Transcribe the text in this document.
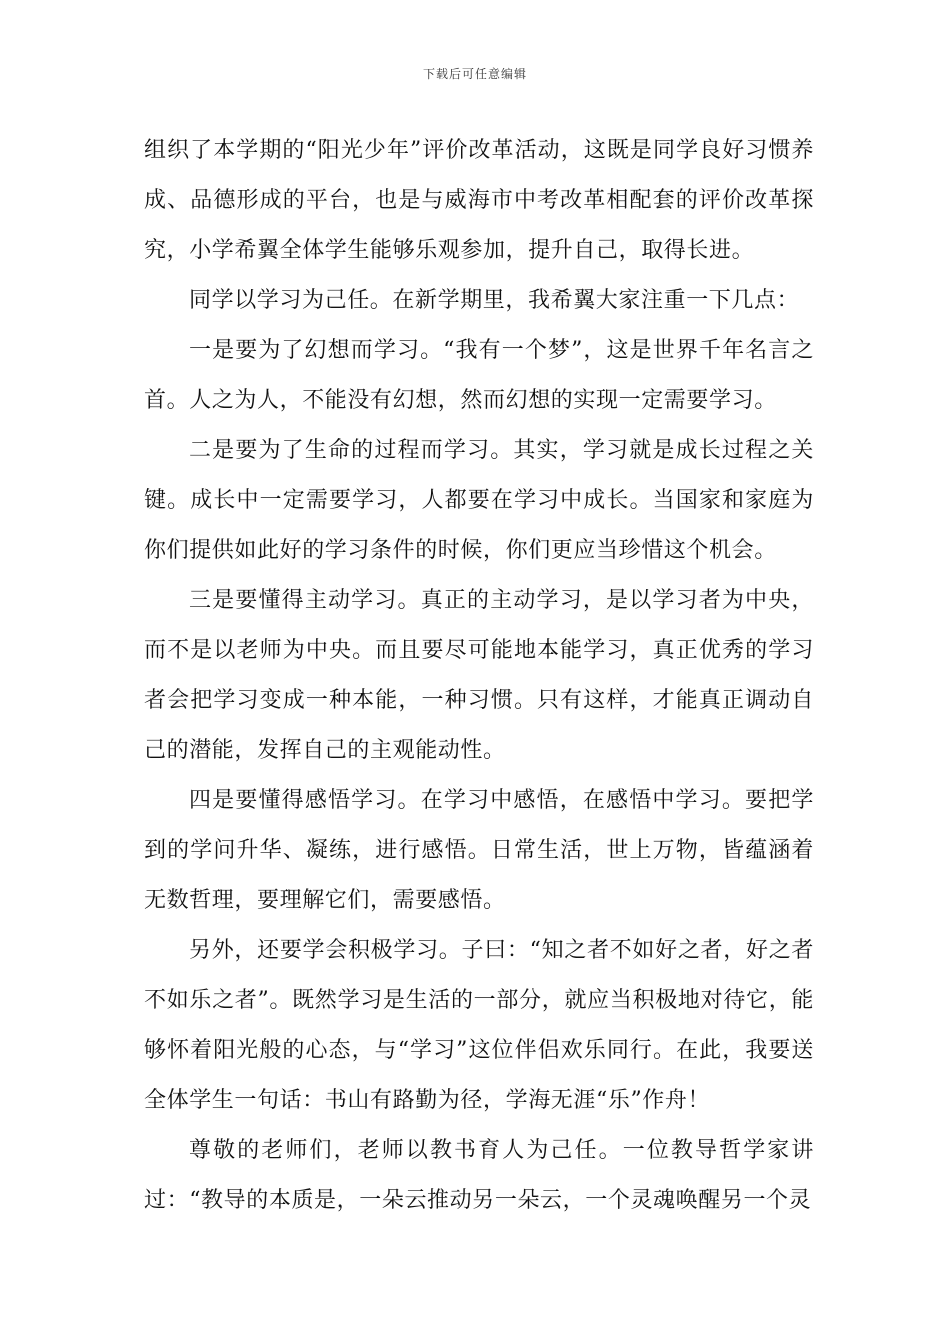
下载后可任意编辑

组织了本学期的“阳光少年”评价改革活动，这既是同学良好习惯养成、品德形成的平台，也是与威海市中考改革相配套的评价改革探究，小学希翼全体学生能够乐观参加，提升自己，取得长进。

同学以学习为己任。在新学期里，我希翼大家注重一下几点：

一是要为了幻想而学习。“我有一个梦”，这是世界千年名言之首。人之为人，不能没有幻想，然而幻想的实现一定需要学习。

二是要为了生命的过程而学习。其实，学习就是成长过程之关键。成长中一定需要学习，人都要在学习中成长。当国家和家庭为你们提供如此好的学习条件的时候，你们更应当珍惜这个机会。

三是要懂得主动学习。真正的主动学习，是以学习者为中央，而不是以老师为中央。而且要尽可能地本能学习，真正优秀的学习者会把学习变成一种本能，一种习惯。只有这样，才能真正调动自己的潜能，发挥自己的主观能动性。

四是要懂得感悟学习。在学习中感悟，在感悟中学习。要把学到的学问升华、凝练，进行感悟。日常生活，世上万物，皆蕴涵着无数哲理，要理解它们，需要感悟。

另外，还要学会积极学习。子曰：“知之者不如好之者，好之者不如乐之者”。既然学习是生活的一部分，就应当积极地对待它，能够怀着阳光般的心态，与“学习”这位伴侣欢乐同行。在此，我要送全体学生一句话：书山有路勤为径，学海无涯“乐”作舟！

尊敬的老师们，老师以教书育人为己任。一位教导哲学家讲过：“教导的本质是，一朵云推动另一朵云，一个灵魂唤醒另一个灵
